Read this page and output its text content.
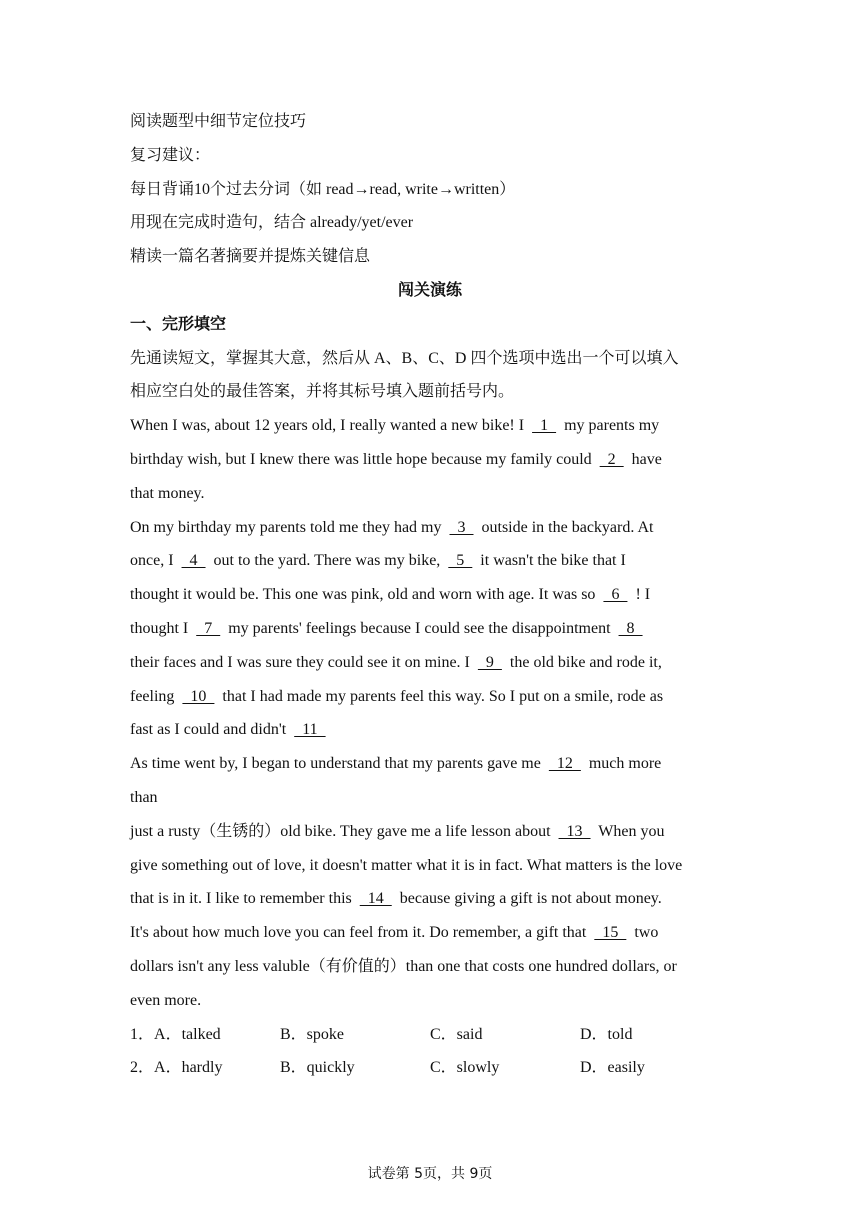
阅读题型中细节定位技巧
复习建议：
每日背诵10个过去分词（如 read→read, write→written）
用现在完成时造句，结合 already/yet/ever
精读一篇名著摘要并提炼关键信息
闯关演练
一、完形填空
先通读短文，掌握其大意，然后从 A、B、C、D 四个选项中选出一个可以填入
相应空白处的最佳答案，并将其标号填入题前括号内。
When I was, about 12 years old, I really wanted a new bike! I   1   my parents my
birthday wish, but I knew there was little hope because my family could   2   have
that money.
On my birthday my parents told me they had my   3   outside in the backyard. At
once, I   4   out to the yard. There was my bike,   5   it wasn't the bike that I
thought it would be. This one was pink, old and worn with age. It was so   6   ! I
thought I   7   my parents' feelings because I could see the disappointment   8
their faces and I was sure they could see it on mine. I   9   the old bike and rode it,
feeling   10   that I had made my parents feel this way. So I put on a smile, rode as
fast as I could and didn't   11
As time went by, I began to understand that my parents gave me   12   much more
than
just a rusty（生锈的）old bike. They gave me a life lesson about   13   When you
give something out of love, it doesn't matter what it is in fact. What matters is the love
that is in it. I like to remember this   14   because giving a gift is not about money.
It's about how much love you can feel from it. Do remember, a gift that   15   two
dollars isn't any less valuble（有价值的）than one that costs one hundred dollars, or
even more.
1．A．talked	B．spoke	C．said	D．told
2．A．hardly	B．quickly	C．slowly	D．easily
试卷第 5页，共 9页
